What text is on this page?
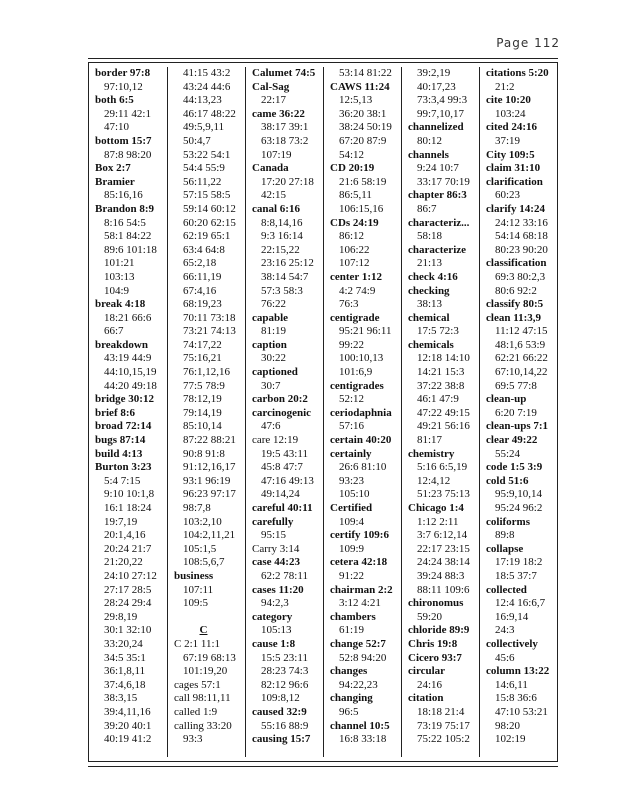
Page 112
border 97:8
97:10,12
both 6:5
29:11 42:1
47:10
bottom 15:7
87:8 98:20
Box 2:7
Bramier
85:16,16
Brandon 8:9
8:16 54:5
58:1 84:22
89:6 101:18
101:21
103:13
104:9
break 4:18
18:21 66:6
66:7
breakdown
43:19 44:9
44:10,15,19
44:20 49:18
bridge 30:12
brief 8:6
broad 72:14
bugs 87:14
build 4:13
Burton 3:23
5:4 7:15
9:10 10:1,8
16:1 18:24
19:7,19
20:1,4,16
20:24 21:7
21:20,22
24:10 27:12
27:17 28:5
28:24 29:4
29:8,19
30:1 32:10
33:20,24
34:5 35:1
36:1,8,11
37:4,6,18
38:3,15
39:4,11,16
39:20 40:1
40:19 41:2
41:15 43:2
43:24 44:6
44:13,23
46:17 48:22
49:5,9,11
50:4,7
53:22 54:1
54:4 55:9
56:11,22
57:15 58:5
59:14 60:12
60:20 62:15
62:19 65:1
63:4 64:8
65:2,18
66:11,19
67:4,16
68:19,23
70:11 73:18
73:21 74:13
74:17,22
75:16,21
76:1,12,16
77:5 78:9
78:12,19
79:14,19
85:10,14
87:22 88:21
90:8 91:8
91:12,16,17
93:1 96:19
96:23 97:17
98:7,8
103:2,10
104:2,11,21
105:1,5
108:5,6,7
business
107:11
109:5

C
C 2:1 11:1
67:19 68:13
101:19,20
cages 57:1
call 98:11,11
called 1:9
calling 33:20
93:3
Calumet 74:5
Cal-Sag
22:17
came 36:22
38:17 39:1
63:18 73:2
107:19
Canada
17:20 27:18
42:15
canal 6:16
8:8,14,16
9:3 16:14
22:15,22
23:16 25:12
38:14 54:7
57:3 58:3
76:22
capable
81:19
caption
30:22
captioned
30:7
carbon 20:2
carcinogenic
47:6
care 12:19
19:5 43:11
45:8 47:7
47:16 49:13
49:14,24
careful 40:11
carefully
95:15
Carry 3:14
case 44:23
62:2 78:11
cases 11:20
94:2,3
category
105:13
cause 1:8
15:5 23:11
28:23 74:3
82:12 96:6
109:8,12
caused 32:9
55:16 88:9
causing 15:7
53:14 81:22
CAWS 11:24
12:5,13
36:20 38:1
38:24 50:19
67:20 87:9
54:12
CD 20:19
21:6 58:19
86:5,11
106:15,16
CDs 24:19
86:12
106:22
107:12
center 1:12
4:2 74:9
76:3
centigrade
95:21 96:11
99:22
100:10,13
101:6,9
centigrades
52:12
ceriodaphnia
57:16
certain 40:20
certainly
26:6 81:10
93:23
105:10
Certified
109:4
certify 109:6
109:9
cetera 42:18
91:22
chairman 2:2
3:12 4:21
chambers
61:19
change 52:7
52:8 94:20
changes
94:22,23
changing
96:5
channel 10:5
16:8 33:18
39:2,19
40:17,23
73:3,4 99:3
99:7,10,17
channelized
80:12
channels
9:24 10:7
33:17 70:19
chapter 86:3
86:7
characteriz...
58:18
characterize
21:13
check 4:16
checking
38:13
chemical
17:5 72:3
chemicals
12:18 14:10
14:21 15:3
37:22 38:8
46:1 47:9
47:22 49:15
49:21 56:16
81:17
chemistry
5:16 6:5,19
12:4,12
51:23 75:13
Chicago 1:4
1:12 2:11
3:7 6:12,14
22:17 23:15
24:24 38:14
39:24 88:3
88:11 109:6
chironomus
59:20
chloride 89:9
Chris 19:8
Cicero 93:7
circular
24:16
citation
18:18 21:4
73:19 75:17
75:22 105:2
citations 5:20
21:2
cite 10:20
103:24
cited 24:16
37:19
City 109:5
claim 31:10
clarification
60:23
clarify 14:24
24:12 33:16
54:14 68:18
80:23 90:20
classification
69:3 80:2,3
80:6 92:2
classify 80:5
clean 11:3,9
11:12 47:15
48:1,6 53:9
62:21 66:22
67:10,14,22
69:5 77:8
clean-up
6:20 7:19
clean-ups 7:1
clear 49:22
55:24
code 1:5 3:9
cold 51:6
95:9,10,14
95:24 96:2
coliforms
89:8
collapse
17:19 18:2
18:5 37:7
collected
12:4 16:6,7
16:9,14
24:3
collectively
45:6
column 13:22
14:6,11
15:8 36:6
47:10 53:21
98:20
102:19
